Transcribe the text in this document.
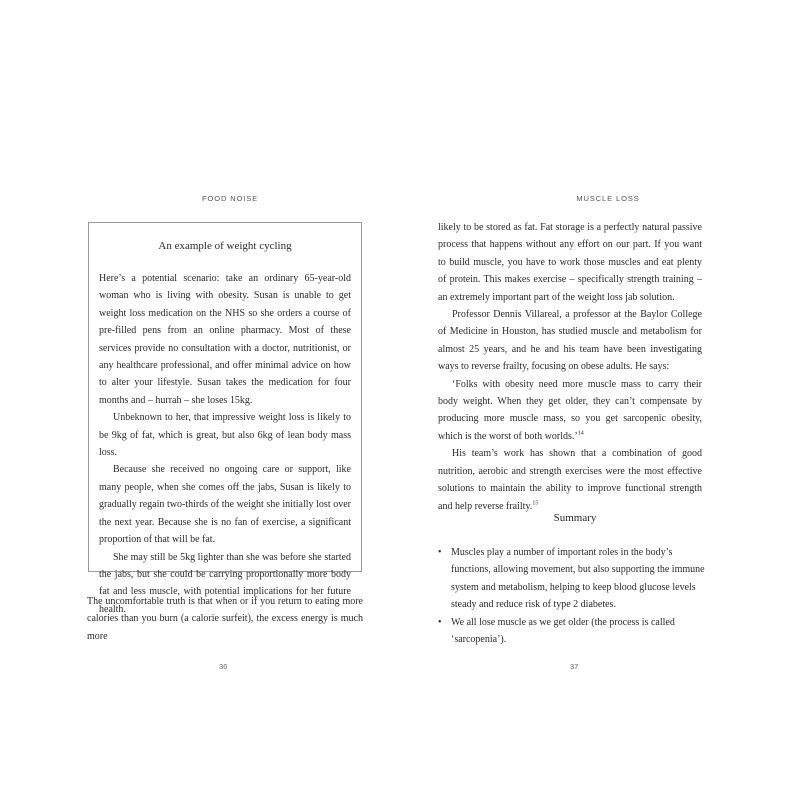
FOOD NOISE
An example of weight cycling

Here’s a potential scenario: take an ordinary 65-year-old woman who is living with obesity. Susan is unable to get weight loss medication on the NHS so she orders a course of pre-filled pens from an online pharmacy. Most of these services provide no consultation with a doctor, nutritionist, or any healthcare professional, and offer minimal advice on how to alter your lifestyle. Susan takes the medication for four months and – hurrah – she loses 15kg.

Unbeknown to her, that impressive weight loss is likely to be 9kg of fat, which is great, but also 6kg of lean body mass loss.

Because she received no ongoing care or support, like many people, when she comes off the jabs, Susan is likely to gradually regain two-thirds of the weight she initially lost over the next year. Because she is no fan of exercise, a significant proportion of that will be fat.

She may still be 5kg lighter than she was before she started the jabs, but she could be carrying proportionally more body fat and less muscle, with potential implications for her future health.

The uncomfortable truth is that when or if you return to eating more calories than you burn (a calorie surfeit), the excess energy is much more

36
MUSCLE LOSS

likely to be stored as fat. Fat storage is a perfectly natural passive process that happens without any effort on our part. If you want to build muscle, you have to work those muscles and eat plenty of protein. This makes exercise – specifically strength training – an extremely important part of the weight loss jab solution.

Professor Dennis Villareal, a professor at the Baylor College of Medicine in Houston, has studied muscle and metabolism for almost 25 years, and he and his team have been investigating ways to reverse frailty, focusing on obese adults. He says:

‘Folks with obesity need more muscle mass to carry their body weight. When they get older, they can’t compensate by producing more muscle mass, so you get sarcopenic obesity, which is the worst of both worlds.’$^{14}$

His team’s work has shown that a combination of good nutrition, aerobic and strength exercises were the most effective solutions to maintain the ability to improve functional strength and help reverse frailty.$^{15}$

Summary
• Muscles play a number of important roles in the body’s functions, allowing movement, but also supporting the immune system and metabolism, helping to keep blood glucose levels steady and reduce risk of type 2 diabetes.
• We all lose muscle as we get older (the process is called ‘sarcopenia’).
37
